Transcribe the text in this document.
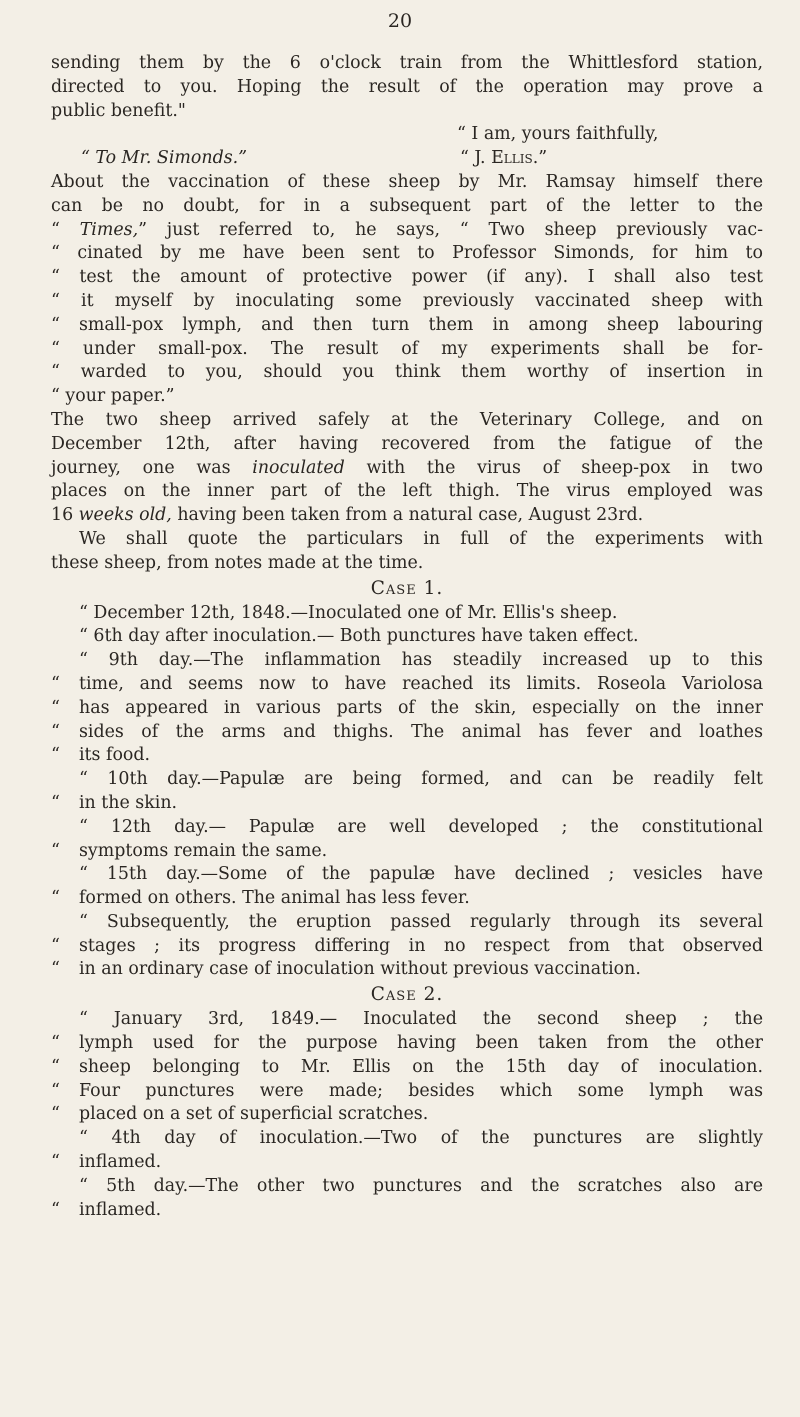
20
sending them by the 6 o'clock train from the Whittlesford station,
directed to you. Hoping the result of the operation may prove a
public benefit."
“ I am, yours faithfully,
“ To Mr. Simonds.”	“ J. Ellis.”
About the vaccination of these sheep by Mr. Ramsay himself there
can be no doubt, for in a subsequent part of the letter to the
“ Times,” just referred to, he says, “ Two sheep previously vac-
“ cinated by me have been sent to Professor Simonds, for him to
“ test the amount of protective power (if any). I shall also test
“ it myself by inoculating some previously vaccinated sheep with
“ small-pox lymph, and then turn them in among sheep labouring
“ under small-pox. The result of my experiments shall be for-
“ warded to you, should you think them worthy of insertion in
“ your paper.”
The two sheep arrived safely at the Veterinary College, and on
December 12th, after having recovered from the fatigue of the
journey, one was inoculated with the virus of sheep-pox in two
places on the inner part of the left thigh. The virus employed was
16 weeks old, having been taken from a natural case, August 23rd.
We shall quote the particulars in full of the experiments with
these sheep, from notes made at the time.
Case 1.
“ December 12th, 1848.—Inoculated one of Mr. Ellis's sheep.
“ 6th day after inoculation.— Both punctures have taken effect.
“ 9th day.—The inflammation has steadily increased up to this
“ time, and seems now to have reached its limits. Roseola Variolosa
“ has appeared in various parts of the skin, especially on the inner
“ sides of the arms and thighs. The animal has fever and loathes
“ its food.
“ 10th day.—Papulæ are being formed, and can be readily felt
“ in the skin.
“ 12th day.— Papulæ are well developed ; the constitutional
“ symptoms remain the same.
“ 15th day.—Some of the papulæ have declined ; vesicles have
“ formed on others. The animal has less fever.
“ Subsequently, the eruption passed regularly through its several
“ stages ; its progress differing in no respect from that observed
“ in an ordinary case of inoculation without previous vaccination.
Case 2.
“ January 3rd, 1849.— Inoculated the second sheep ; the
“ lymph used for the purpose having been taken from the other
“ sheep belonging to Mr. Ellis on the 15th day of inoculation.
“ Four punctures were made; besides which some lymph was
“ placed on a set of superficial scratches.
“ 4th day of inoculation.—Two of the punctures are slightly
“ inflamed.
“ 5th day.—The other two punctures and the scratches also are
“ inflamed.
